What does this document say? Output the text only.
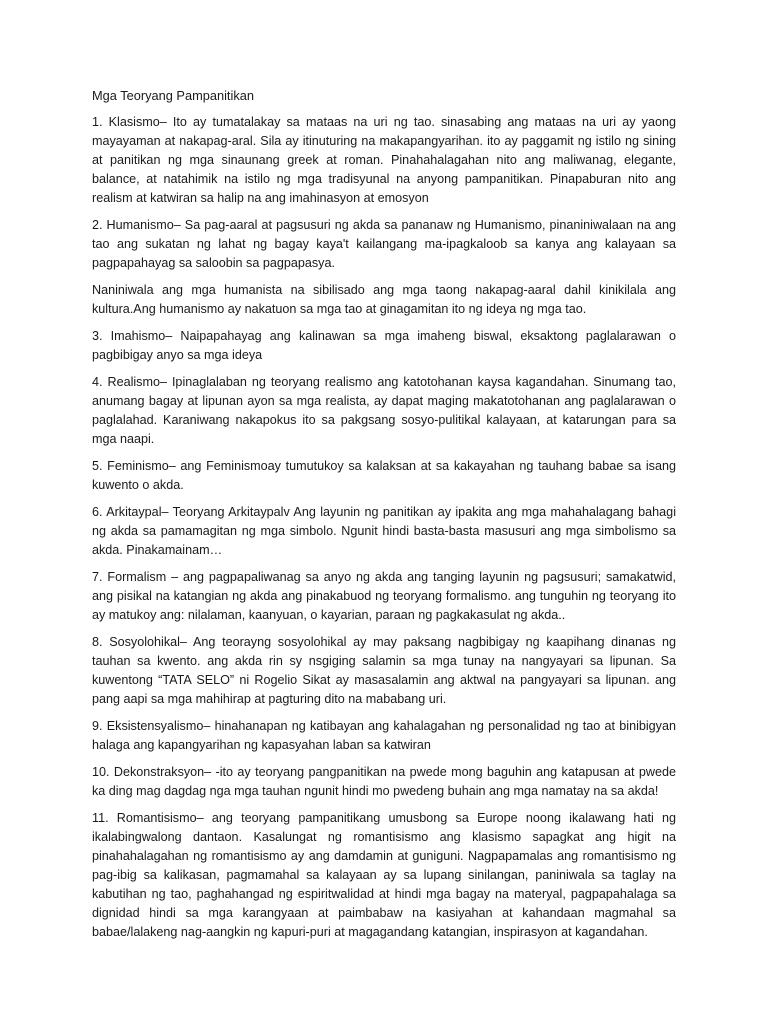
Mga Teoryang Pampanitikan

1. Klasismo– Ito ay tumatalakay sa mataas na uri ng tao. sinasabing ang mataas na uri ay yaong mayayaman at nakapag-aral. Sila ay itinuturing na makapangyarihan. ito ay paggamit ng istilo ng sining at panitikan ng mga sinaunang greek at roman. Pinahahalagahan nito ang maliwanag, elegante, balance, at natahimik na istilo ng mga tradisyunal na anyong pampanitikan. Pinapaburan nito ang realism at katwiran sa halip na ang imahinasyon at emosyon

2. Humanismo– Sa pag-aaral at pagsusuri ng akda sa pananaw ng Humanismo, pinaniniwalaan na ang tao ang sukatan ng lahat ng bagay kaya't kailangang ma-ipagkaloob sa kanya ang kalayaan sa pagpapahayag sa saloobin sa pagpapasya.

Naniniwala ang mga humanista na sibilisado ang mga taong nakapag-aaral dahil kinikilala ang kultura.Ang humanismo ay nakatuon sa mga tao at ginagamitan ito ng ideya ng mga tao.

3. Imahismo– Naipapahayag ang kalinawan sa mga imaheng biswal, eksaktong paglalarawan o pagbibigay anyo sa mga ideya

4. Realismo– Ipinaglalaban ng teoryang realismo ang katotohanan kaysa kagandahan. Sinumang tao, anumang bagay at lipunan ayon sa mga realista, ay dapat maging makatotohanan ang paglalarawan o paglalahad. Karaniwang nakapokus ito sa pakgsang sosyo-pulitikal kalayaan, at katarungan para sa mga naapi.

5. Feminismo– ang Feminismoay tumutukoy sa kalaksan at sa kakayahan ng tauhang babae sa isang kuwento o akda.

6. Arkitaypal– Teoryang Arkitaypalv Ang layunin ng panitikan ay ipakita ang mga mahahalagang bahagi ng akda sa pamamagitan ng mga simbolo. Ngunit hindi basta-basta masusuri ang mga simbolismo sa akda. Pinakamainam…

7. Formalism – ang pagpapaliwanag sa anyo ng akda ang tanging layunin ng pagsusuri; samakatwid, ang pisikal na katangian ng akda ang pinakabuod ng teoryang formalismo. ang tunguhin ng teoryang ito ay matukoy ang: nilalaman, kaanyuan, o kayarian, paraan ng pagkakasulat ng akda..

8. Sosyolohikal– Ang teorayng sosyolohikal ay may paksang nagbibigay ng kaapihang dinanas ng tauhan sa kwento. ang akda rin sy nsgiging salamin sa mga tunay na nangyayari sa lipunan. Sa kuwentong “TATA SELO” ni Rogelio Sikat ay masasalamin ang aktwal na pangyayari sa lipunan. ang pang aapi sa mga mahihirap at pagturing dito na mababang uri.

9. Eksistensyalismo– hinahanapan ng katibayan ang kahalagahan ng personalidad ng tao at binibigyan halaga ang kapangyarihan ng kapasyahan laban sa katwiran

10. Dekonstraksyon– -ito ay teoryang pangpanitikan na pwede mong baguhin ang katapusan at pwede ka ding mag dagdag nga mga tauhan ngunit hindi mo pwedeng buhain ang mga namatay na sa akda!

11. Romantisismo– ang teoryang pampanitikang umusbong sa Europe noong ikalawang hati ng ikalabingwalong dantaon. Kasalungat ng romantisismo ang klasismo sapagkat ang higit na pinahahalagahan ng romantisismo ay ang damdamin at guniguni. Nagpapamalas ang romantisismo ng pag-ibig sa kalikasan, pagmamahal sa kalayaan ay sa lupang sinilangan, paniniwala sa taglay na kabutihan ng tao, paghahangad ng espiritwalidad at hindi mga bagay na materyal, pagpapahalaga sa dignidad hindi sa mga karangyaan at paimbabaw na kasiyahan at kahandaan magmahal sa babae/lalakeng nag-aangkin ng kapuri-puri at magagandang katangian, inspirasyon at kagandahan.
